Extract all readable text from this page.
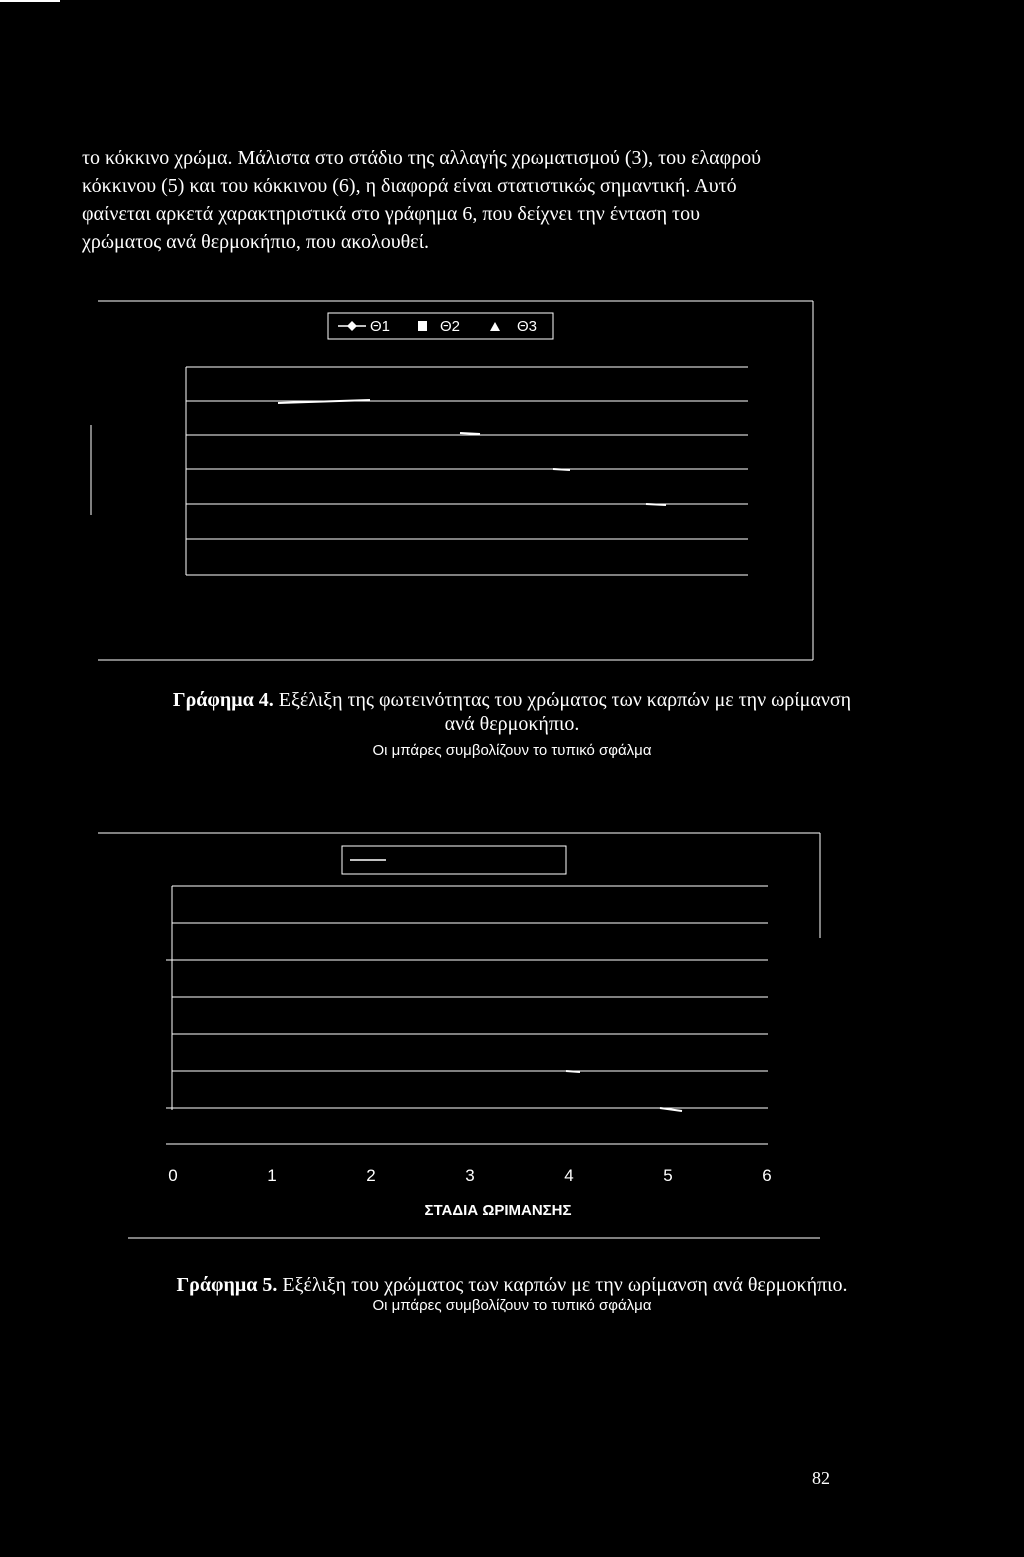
το κόκκινο χρώμα. Μάλιστα στο στάδιο της αλλαγής χρωματισμού (3), του ελαφρού
κόκκινου (5) και του κόκκινου (6), η διαφορά είναι στατιστικώς σημαντική. Αυτό
φαίνεται αρκετά χαρακτηριστικά στο γράφημα 6, που δείχνει την ένταση του
χρώματος ανά θερμοκήπιο, που ακολουθεί.
Θ1	Θ2	Θ3

Γράφημα 4. Εξέλιξη της φωτεινότητας του χρώματος των καρπών με την ωρίμανση

ανά θερμοκήπιο.

Οι μπάρες συμβολίζουν το τυπικό σφάλμα
0	1	2	3	4	5	6
ΣΤΑΔΙΑ ΩΡΙΜΑΝΣΗΣ

Γράφημα 5. Εξέλιξη του χρώματος των καρπών με την ωρίμανση ανά θερμοκήπιο.

Οι μπάρες συμβολίζουν το τυπικό σφάλμα
82
